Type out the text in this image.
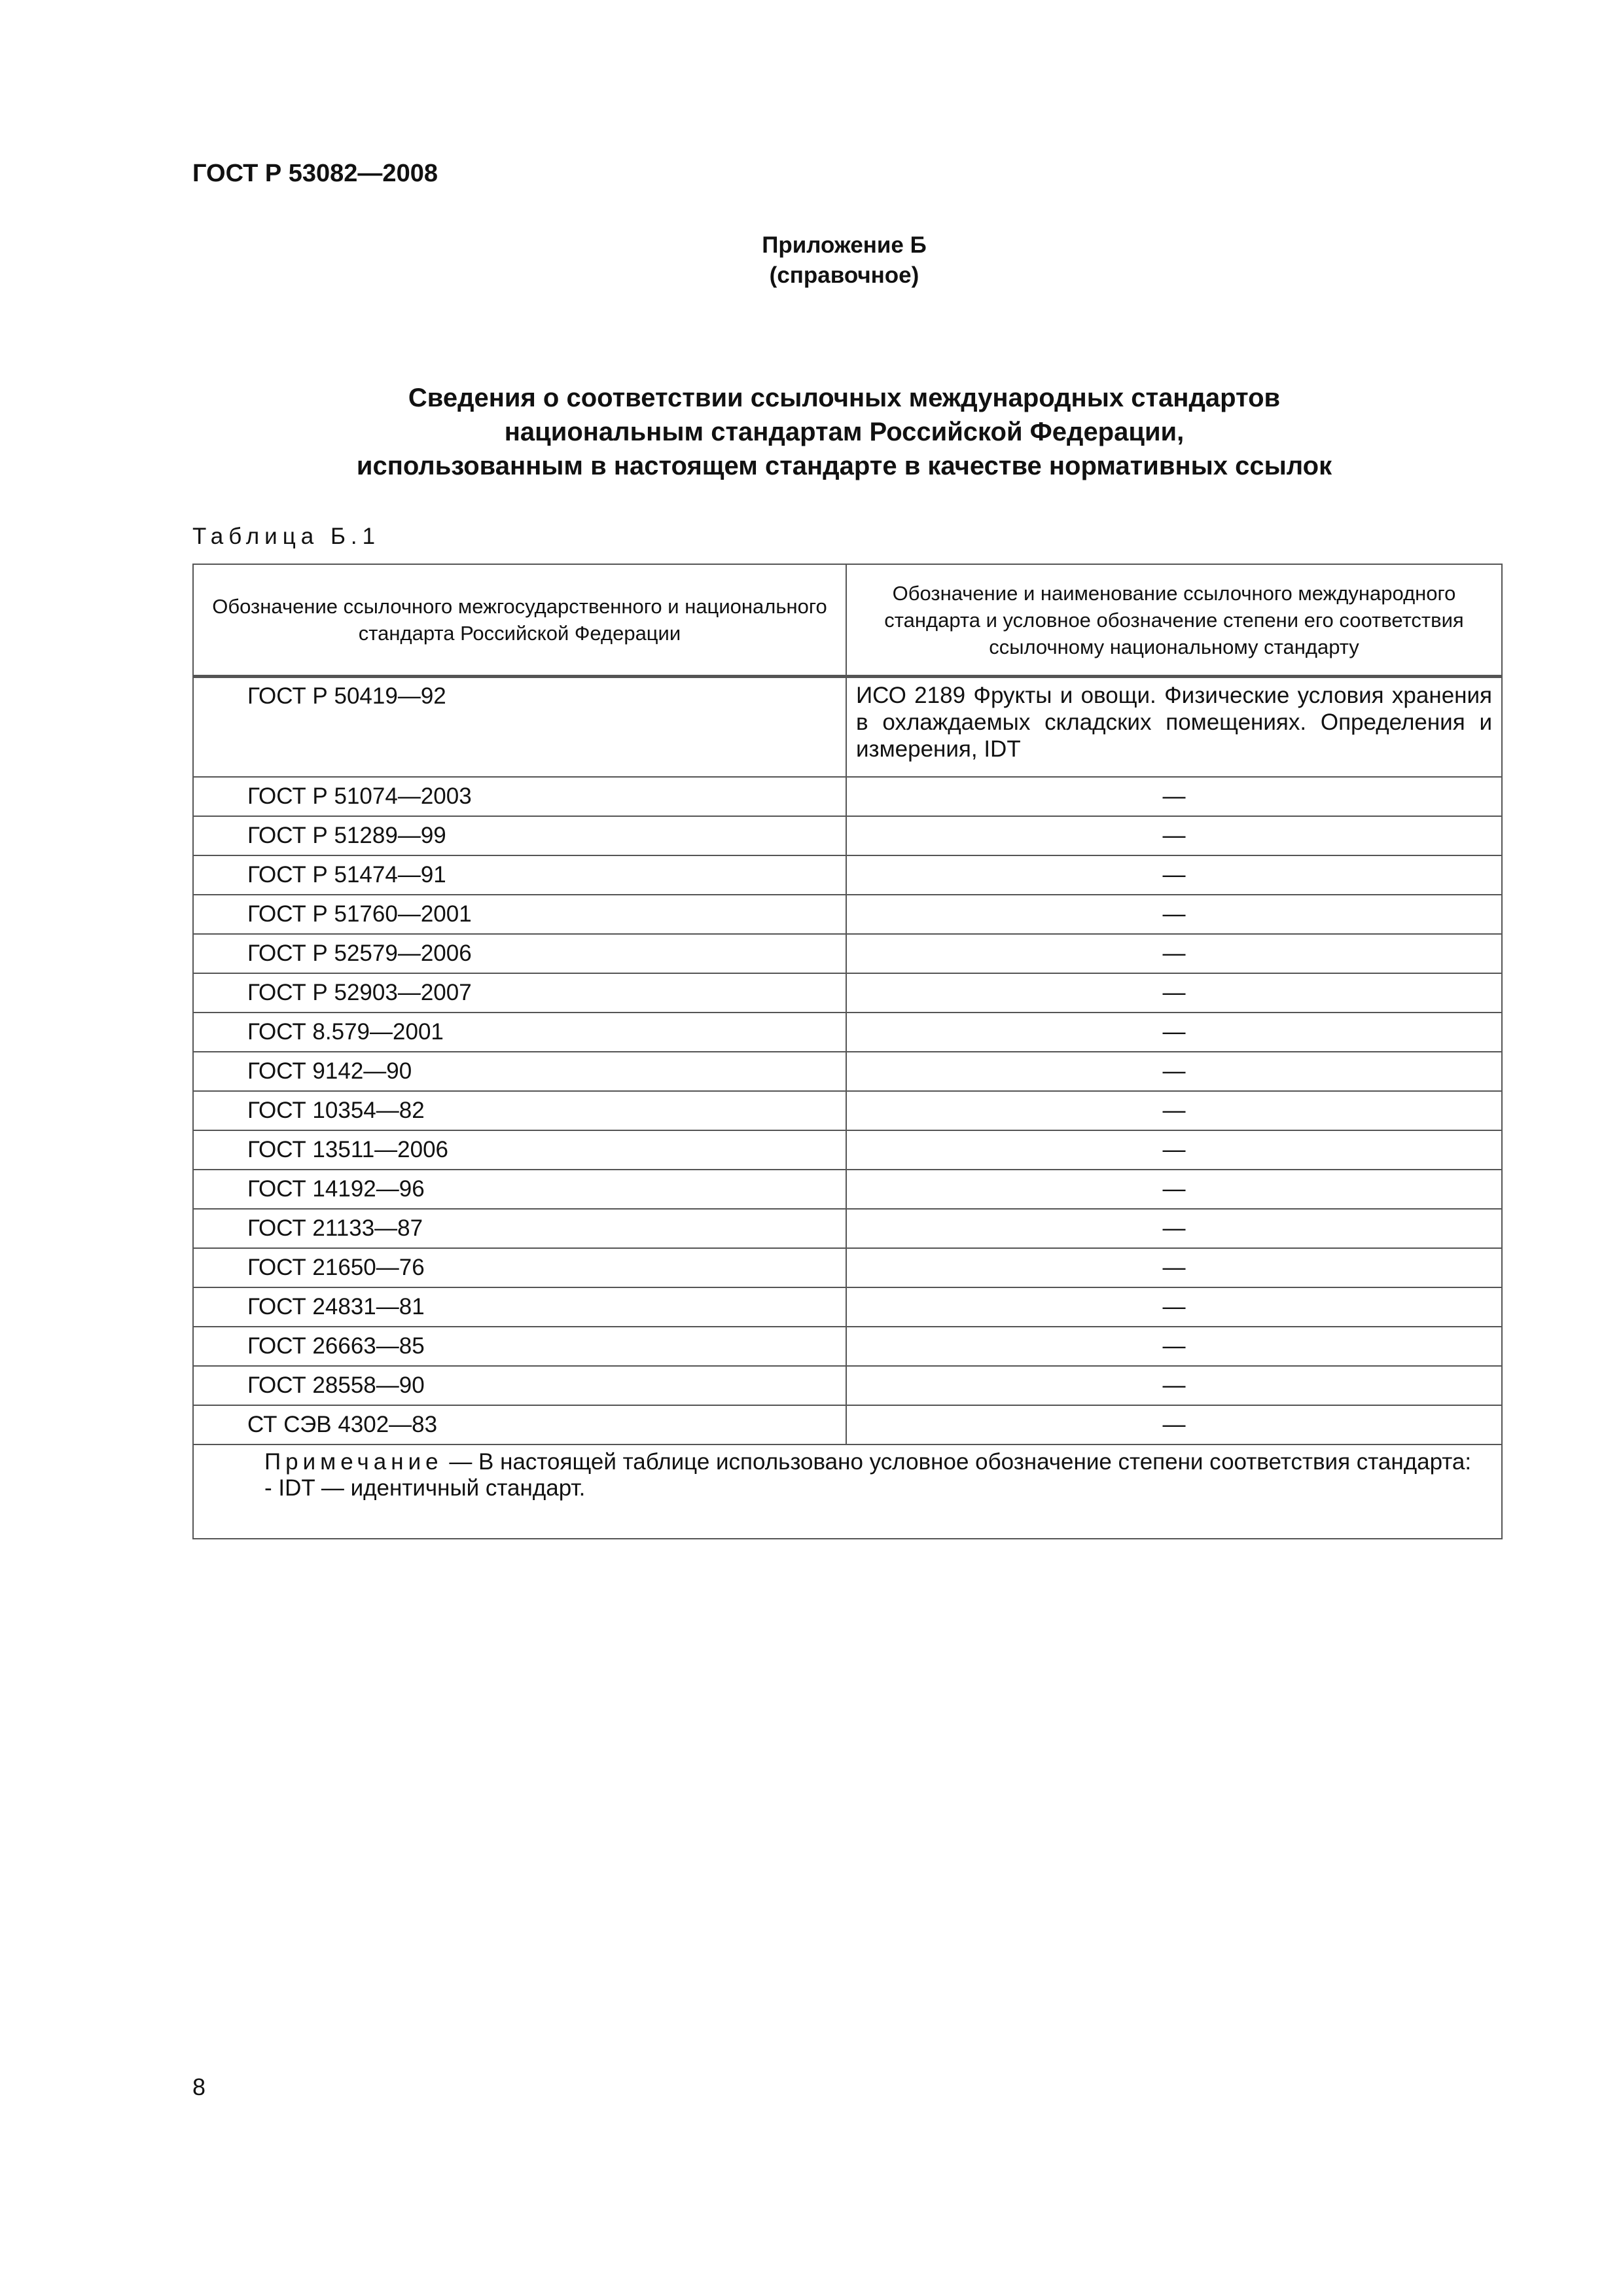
ГОСТ Р 53082—2008
Приложение Б
(справочное)
Сведения о соответствии ссылочных международных стандартов
национальным стандартам Российской Федерации,
использованным в настоящем стандарте в качестве нормативных ссылок
Таблица Б.1
Обозначение ссылочного межгосударственного и национального стандарта Российской Федерации	Обозначение и наименование ссылочного международного стандарта и условное обозначение степени его соответствия ссылочному национальному стандарту
ГОСТ Р 50419—92	ИСО 2189 Фрукты и овощи. Физические условия хранения в охлаждаемых складских помещениях. Определения и измерения, IDT
ГОСТ Р 51074—2003	—
ГОСТ Р 51289—99	—
ГОСТ Р 51474—91	—
ГОСТ Р 51760—2001	—
ГОСТ Р 52579—2006	—
ГОСТ Р 52903—2007	—
ГОСТ 8.579—2001	—
ГОСТ 9142—90	—
ГОСТ 10354—82	—
ГОСТ 13511—2006	—
ГОСТ 14192—96	—
ГОСТ 21133—87	—
ГОСТ 21650—76	—
ГОСТ 24831—81	—
ГОСТ 26663—85	—
ГОСТ 28558—90	—
СТ СЭВ 4302—83	—

Примечание — В настоящей таблице использовано условное обозначение степени соответствия стандарта:
- IDT — идентичный стандарт.	
8
